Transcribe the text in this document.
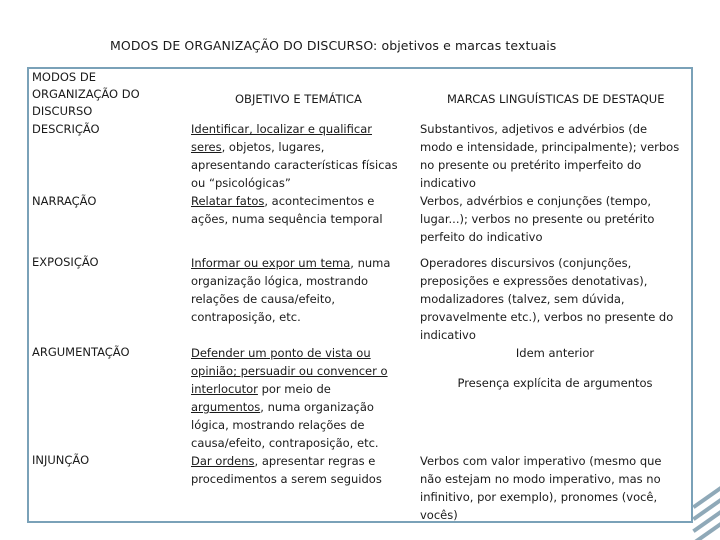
MODOS DE ORGANIZAÇÃO DO DISCURSO: objetivos e marcas textuais
MODOS DE
ORGANIZAÇÃO DO
DISCURSO
OBJETIVO E TEMÁTICA	MARCAS LINGUÍSTICAS DE DESTAQUE
DESCRIÇÃO
NARRAÇÃO
EXPOSIÇÃO
ARGUMENTAÇÃO
INJUNÇÃO
Identificar, localizar e qualificar
seres, objetos, lugares,
apresentando características físicas
ou “psicológicas”
Relatar fatos, acontecimentos e
ações, numa sequência temporal
Informar ou expor um tema, numa
organização lógica, mostrando
relações de causa/efeito,
contraposição, etc.
Defender um ponto de vista ou
opinião; persuadir ou convencer o
interlocutor por meio de
argumentos, numa organização
lógica, mostrando relações de
causa/efeito, contraposição, etc.
Dar ordens, apresentar regras e
procedimentos a serem seguidos
Substantivos, adjetivos e advérbios (de
modo e intensidade, principalmente); verbos
no presente ou pretérito imperfeito do
indicativo
Verbos, advérbios e conjunções (tempo,
lugar...); verbos no presente ou pretérito
perfeito do indicativo
Operadores discursivos (conjunções,
preposições e expressões denotativas),
modalizadores (talvez, sem dúvida,
provavelmente etc.), verbos no presente do
indicativo
Idem anterior
Presença explícita de argumentos
Verbos com valor imperativo (mesmo que
não estejam no modo imperativo, mas no
infinitivo, por exemplo), pronomes (você,
vocês)
